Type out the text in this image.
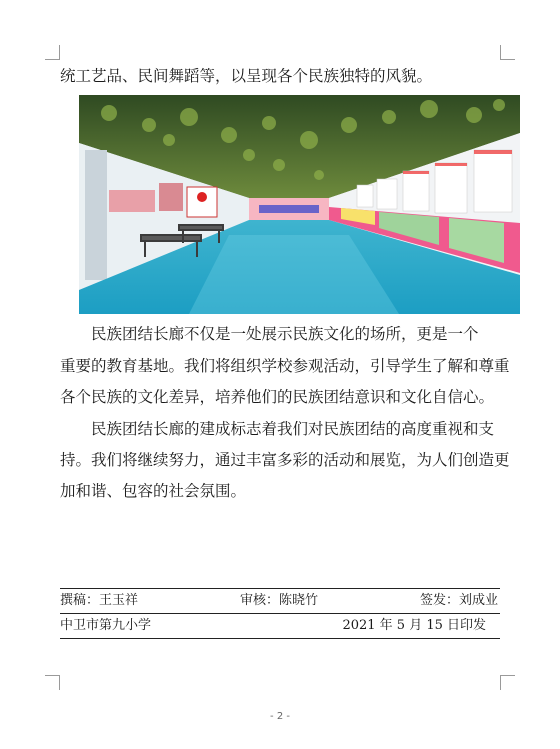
统工艺品、民间舞蹈等，以呈现各个民族独特的风貌。
民族团结长廊不仅是一处展示民族文化的场所，更是一个
重要的教育基地。我们将组织学校参观活动，引导学生了解和尊重
各个民族的文化差异，培养他们的民族团结意识和文化自信心。
民族团结长廊的建成标志着我们对民族团结的高度重视和支
持。我们将继续努力，通过丰富多彩的活动和展览，为人们创造更
加和谐、包容的社会氛围。
撰稿：王玉祥	审核：陈晓竹	签发：刘成业
中卫市第九小学	2021 年 5 月 15 日印发
- 2 -
